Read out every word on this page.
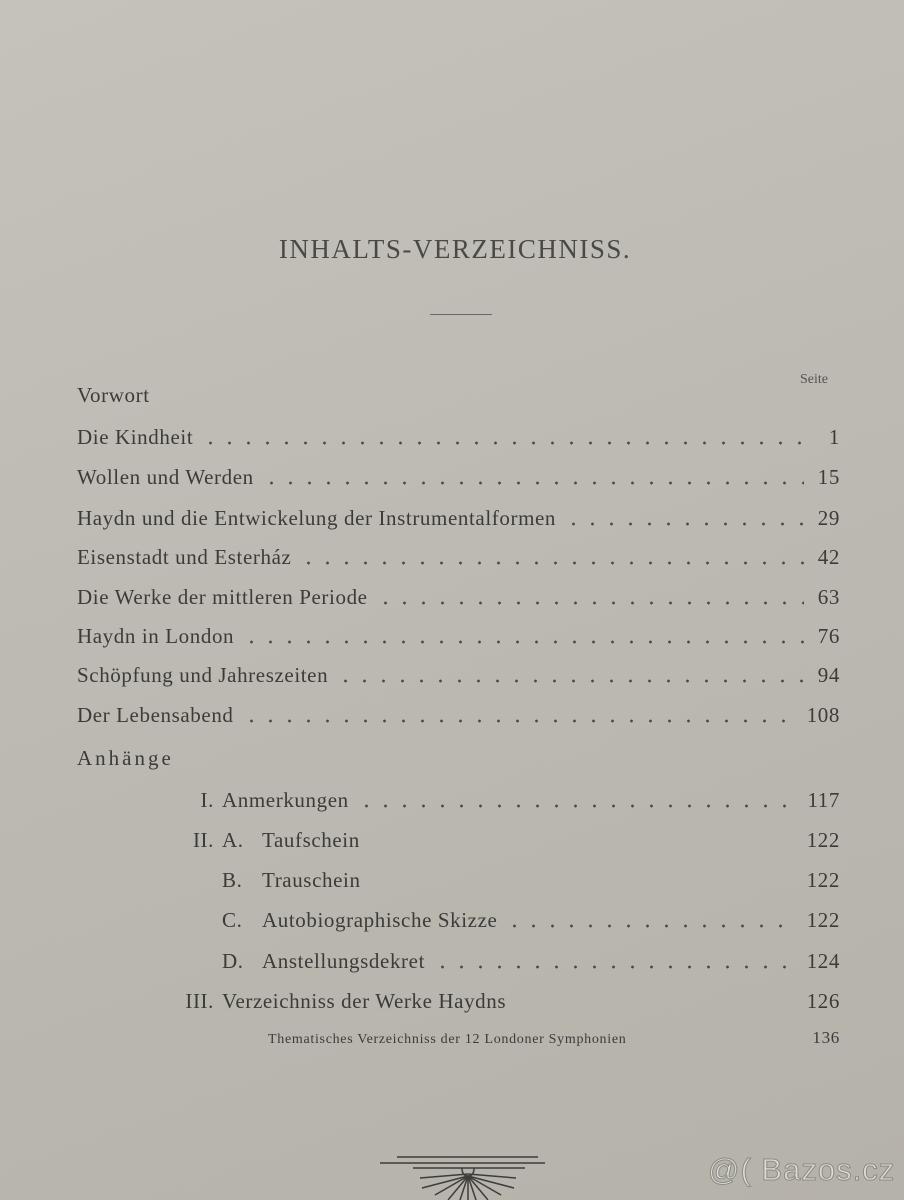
INHALTS-VERZEICHNISS.
Seite
Vorwort
Die Kindheit	1
Wollen und Werden	15
Haydn und die Entwickelung der Instrumentalformen	29
Eisenstadt und Esterház	42
Die Werke der mittleren Periode	63
Haydn in London	76
Schöpfung und Jahreszeiten	94
Der Lebensabend	108
Anhänge
I. Anmerkungen	117
II. A. Taufschein	122
B. Trauschein	122
C. Autobiographische Skizze	122
D. Anstellungsdekret	124
III. Verzeichniss der Werke Haydns	126
Thematisches Verzeichniss der 12 Londoner Symphonien	136
@( Bazos.cz
